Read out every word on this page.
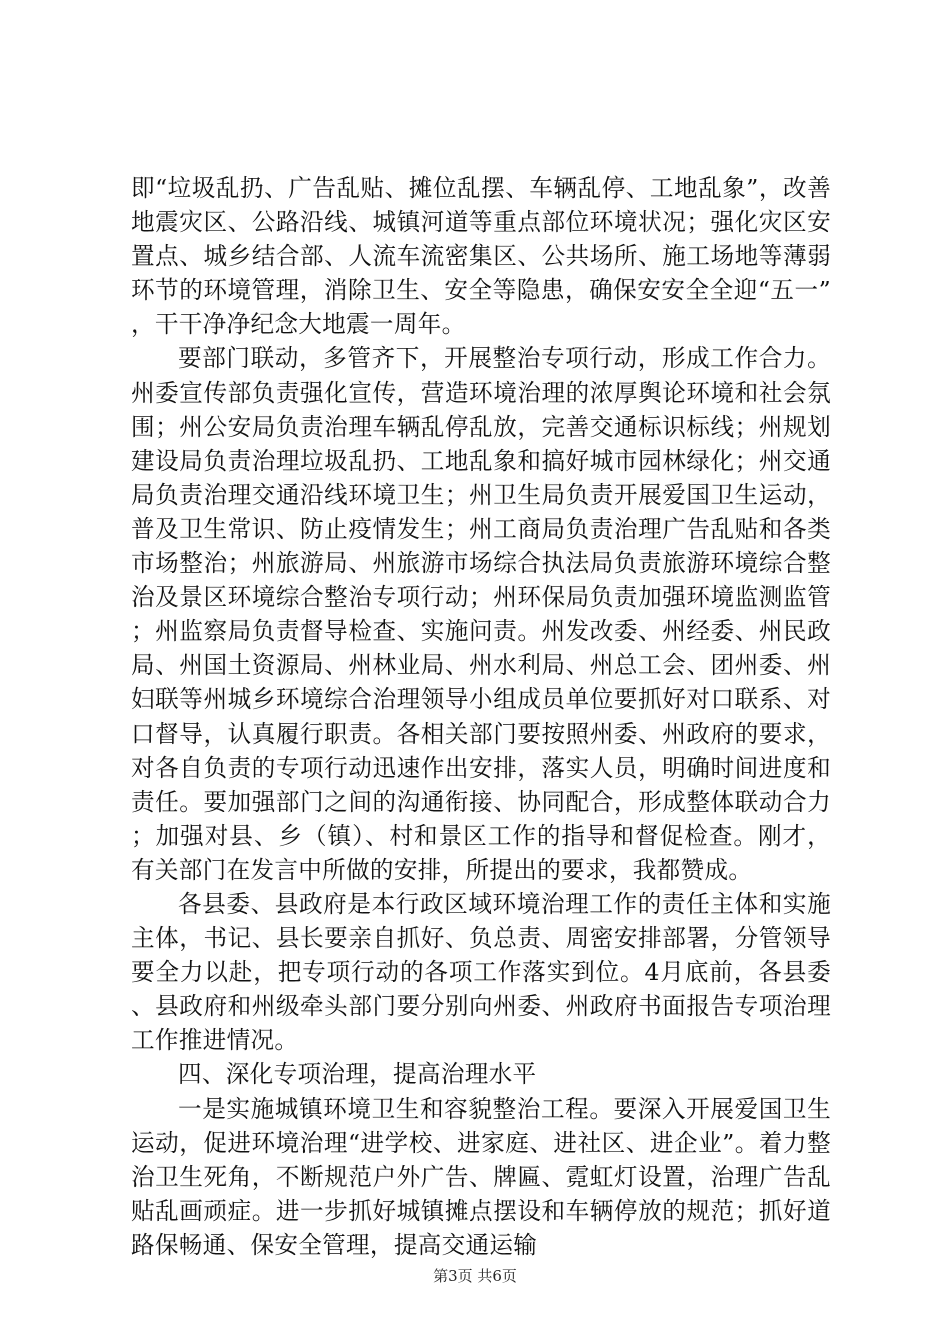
即“垃圾乱扔、广告乱贴、摊位乱摆、车辆乱停、工地乱象”，改善地震灾区、公路沿线、城镇河道等重点部位环境状况；强化灾区安置点、城乡结合部、人流车流密集区、公共场所、施工场地等薄弱环节的环境管理，消除卫生、安全等隐患，确保安安全全迎“五一”，干干净净纪念大地震一周年。

要部门联动，多管齐下，开展整治专项行动，形成工作合力。州委宣传部负责强化宣传，营造环境治理的浓厚舆论环境和社会氛围；州公安局负责治理车辆乱停乱放，完善交通标识标线；州规划建设局负责治理垃圾乱扔、工地乱象和搞好城市园林绿化；州交通局负责治理交通沿线环境卫生；州卫生局负责开展爱国卫生运动，普及卫生常识、防止疫情发生；州工商局负责治理广告乱贴和各类市场整治；州旅游局、州旅游市场综合执法局负责旅游环境综合整治及景区环境综合整治专项行动；州环保局负责加强环境监测监管；州监察局负责督导检查、实施问责。州发改委、州经委、州民政局、州国土资源局、州林业局、州水利局、州总工会、团州委、州妇联等州城乡环境综合治理领导小组成员单位要抓好对口联系、对口督导，认真履行职责。各相关部门要按照州委、州政府的要求，对各自负责的专项行动迅速作出安排，落实人员，明确时间进度和责任。要加强部门之间的沟通衔接、协同配合，形成整体联动合力；加强对县、乡（镇）、村和景区工作的指导和督促检查。刚才，有关部门在发言中所做的安排，所提出的要求，我都赞成。

各县委、县政府是本行政区域环境治理工作的责任主体和实施主体，书记、县长要亲自抓好、负总责、周密安排部署，分管领导要全力以赴，把专项行动的各项工作落实到位。4月底前，各县委、县政府和州级牵头部门要分别向州委、州政府书面报告专项治理工作推进情况。

四、深化专项治理，提高治理水平

一是实施城镇环境卫生和容貌整治工程。要深入开展爱国卫生运动，促进环境治理“进学校、进家庭、进社区、进企业”。着力整治卫生死角，不断规范户外广告、牌匾、霓虹灯设置，治理广告乱贴乱画顽症。进一步抓好城镇摊点摆设和车辆停放的规范；抓好道路保畅通、保安全管理，提高交通运输

第3页 共6页
